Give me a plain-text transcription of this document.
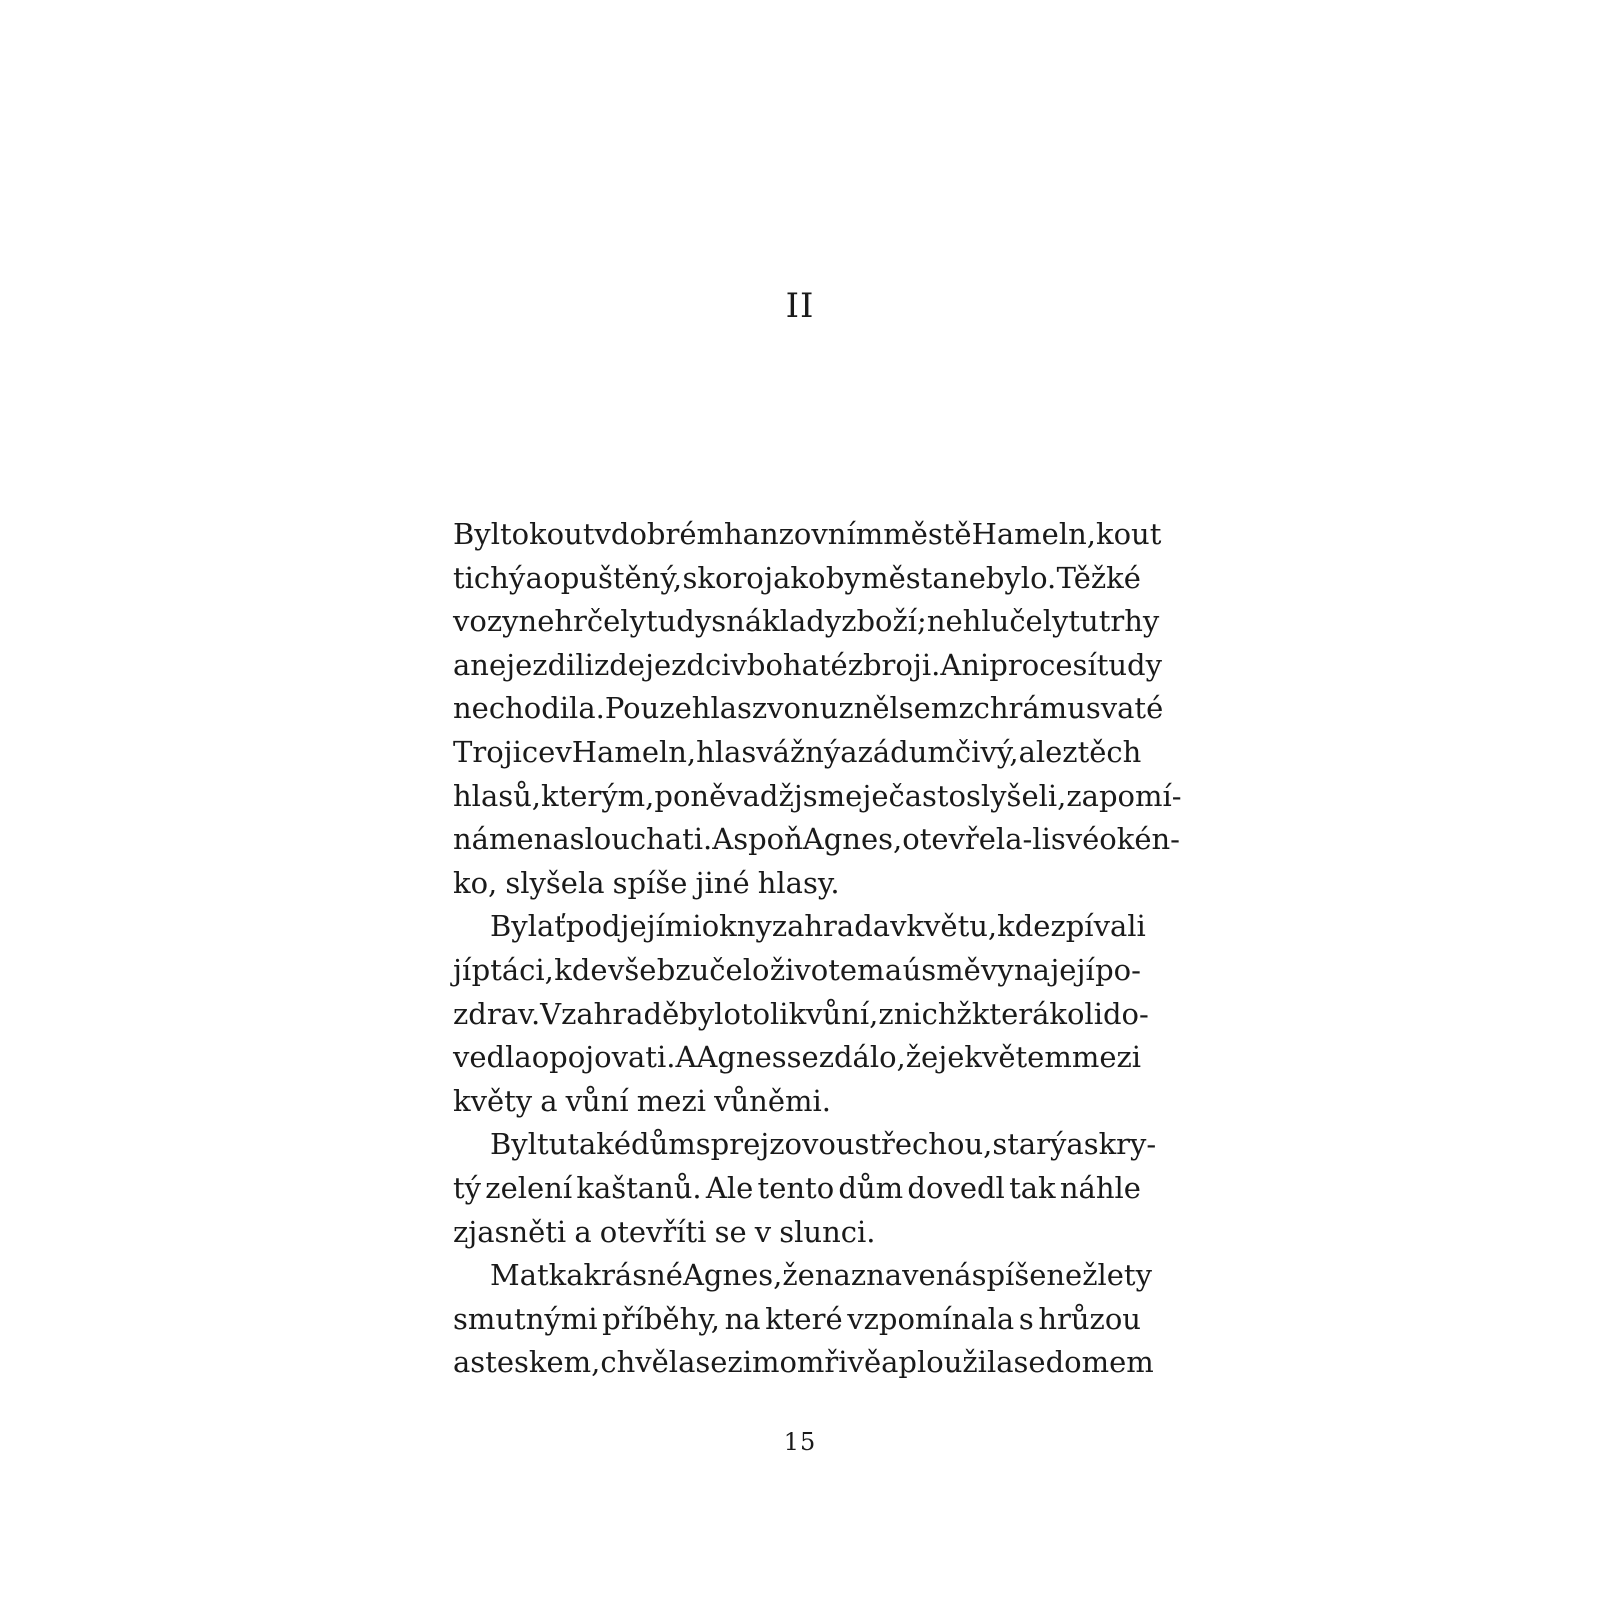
II
Byl to kout v dobrém hanzovním městě Hameln, kout
tichý a opuštěný, skoro jako by města nebylo. Těžké
vozy nehrčely tudy s náklady zboží; nehlučely tu trhy
a nejezdili zde jezdci v bohaté zbroji. Ani procesí tudy
nechodila. Pouze hlas zvonu zněl sem z chrámu svaté
Trojice v Hameln, hlas vážný a zádumčivý, ale z těch
hlasů, kterým, poněvadž jsme je často slyšeli, zapomí-
náme naslouchati. Aspoň Agnes, otevřela-li své okén-
ko, slyšela spíše jiné hlasy.
Bylať pod jejími okny zahrada v květu, kde zpívali
jí ptáci, kde vše bzučelo životem a úsměvy na její po-
zdrav. V zahradě bylo tolik vůní, z nichž kterákoli do-
vedla opojovati. A Agnes se zdálo, že je květem mezi
květy a vůní mezi vůněmi.
Byl tu také dům s prejzovou střechou, starý a skry-
tý zelení kaštanů. Ale tento dům dovedl tak náhle
zjasněti a otevříti se v slunci.
Matka krásné Agnes, žena znavená spíše než lety
smutnými příběhy, na které vzpomínala s hrůzou
a steskem, chvěla se zimomřivě a ploužila se domem
15
